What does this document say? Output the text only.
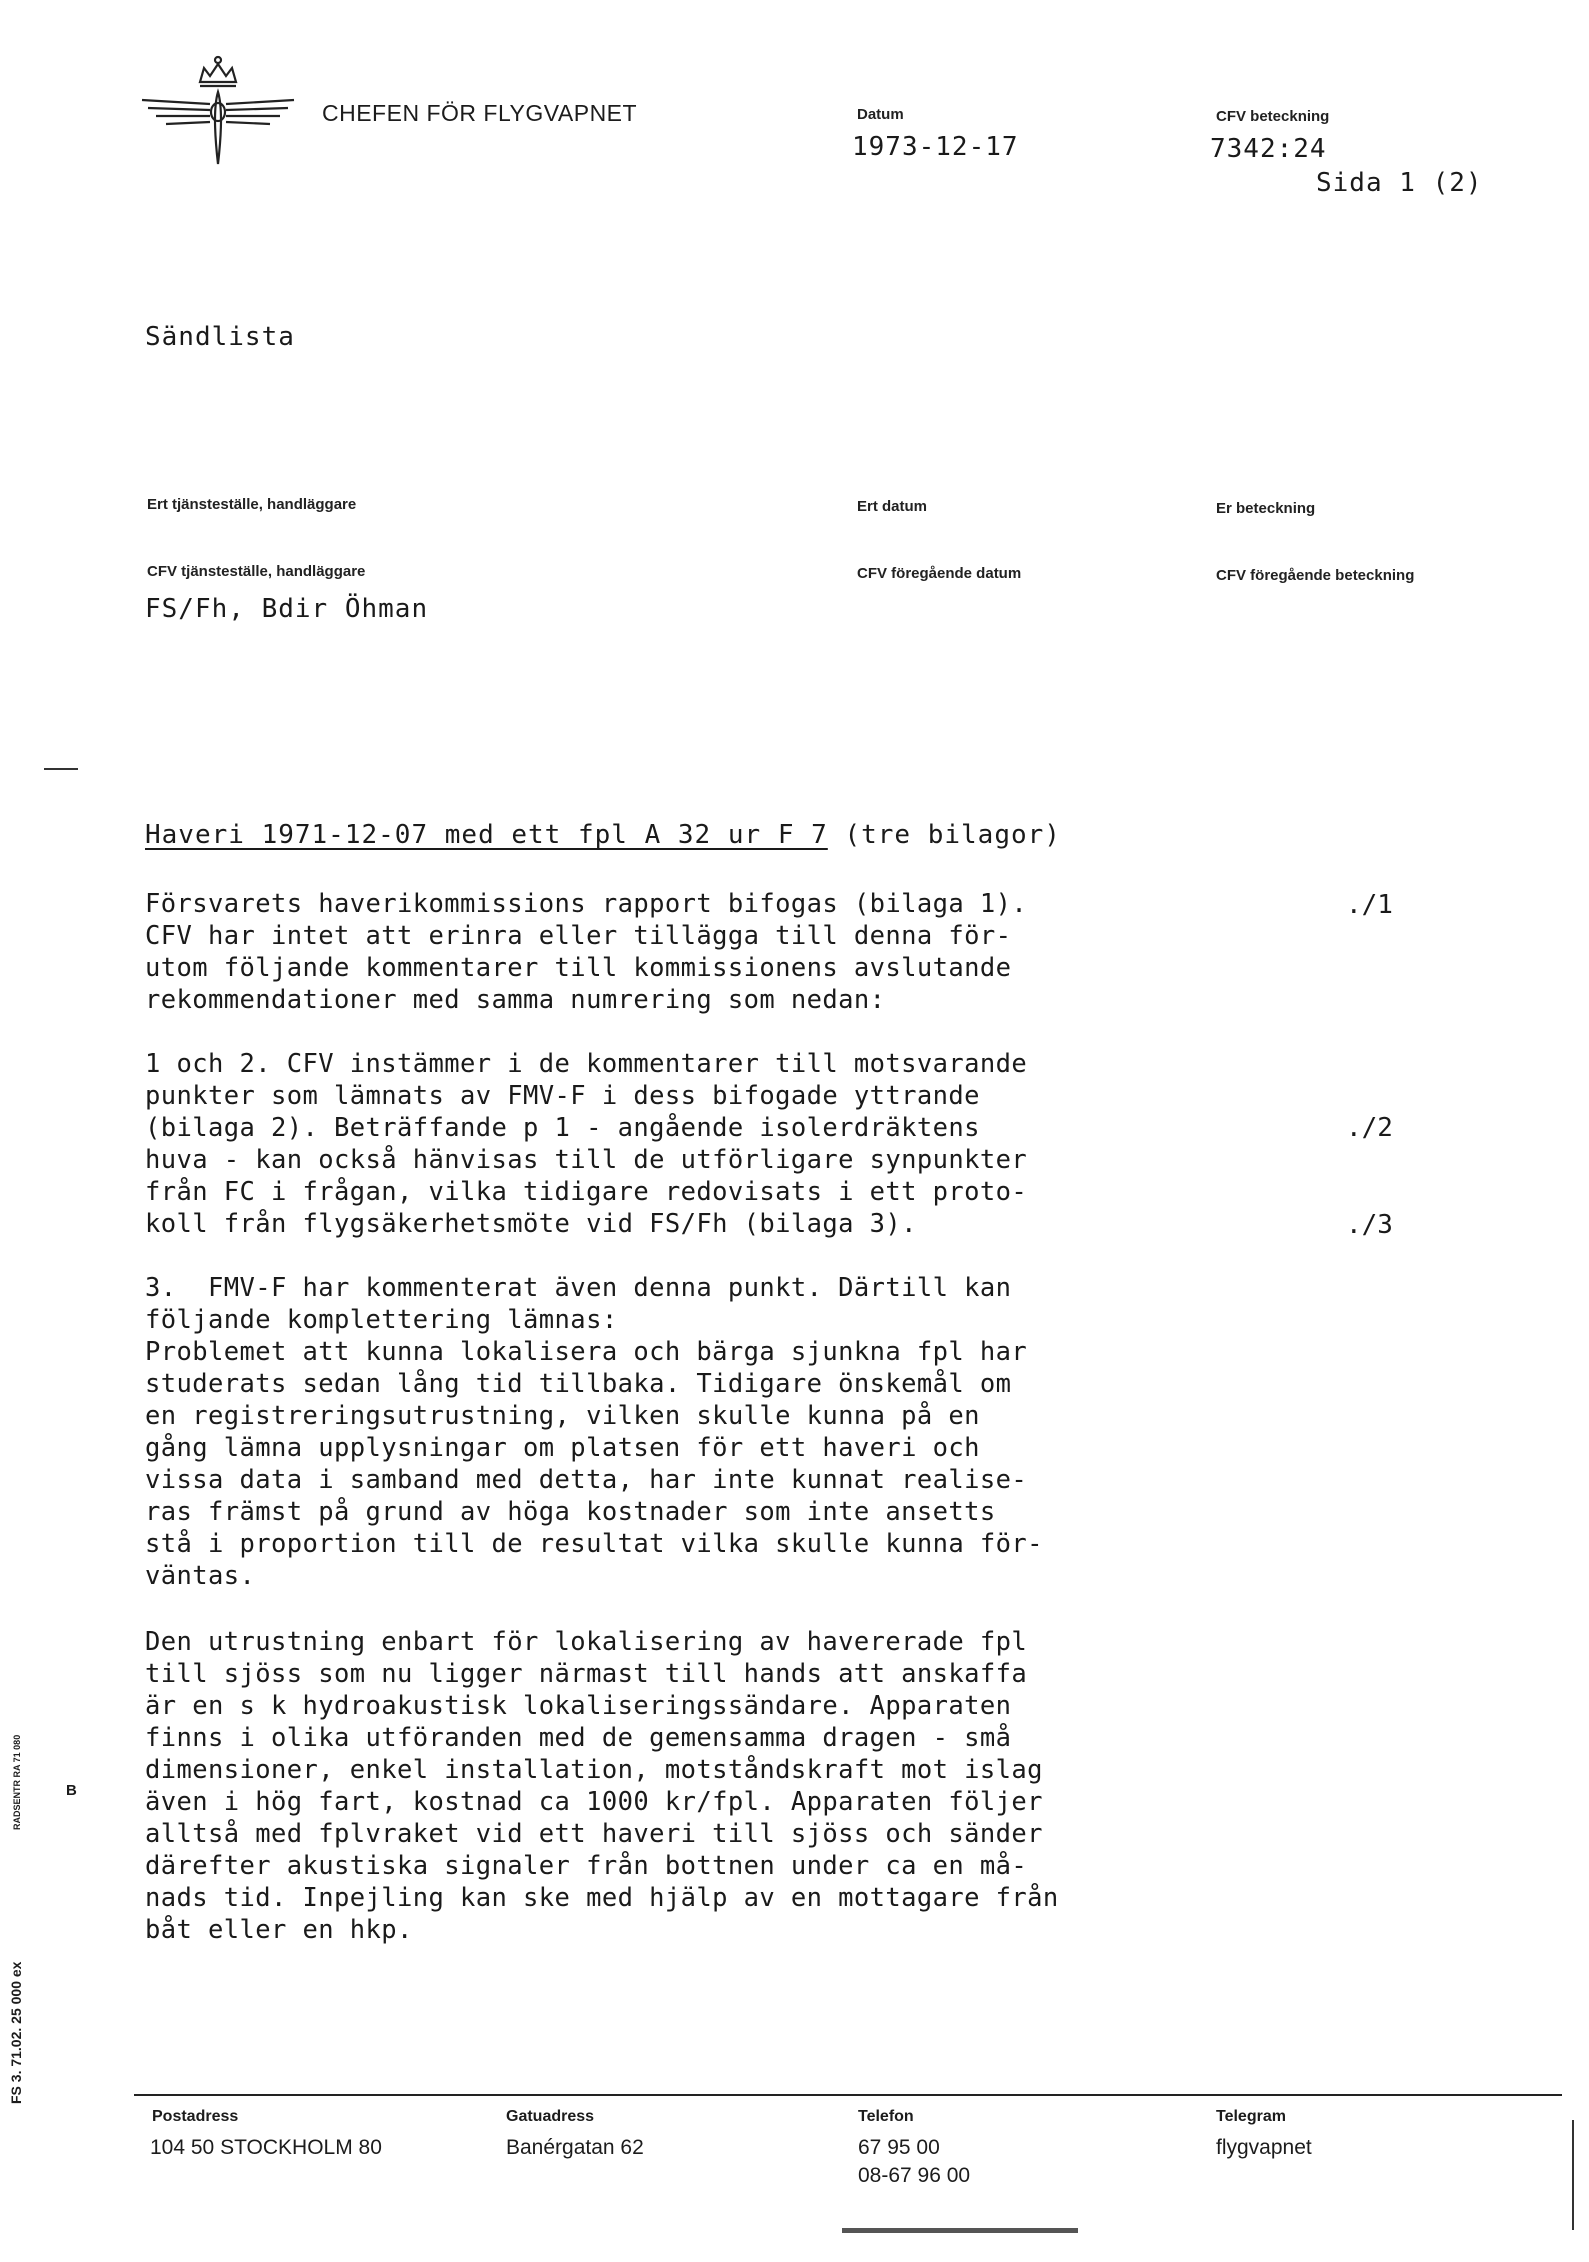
CHEFEN FÖR FLYGVAPNET	Datum
1973-12-17
CFV beteckning
7342:24
Sida 1 (2)
Sändlista
Ert tjänsteställe, handläggare	Ert datum	Er beteckning
CFV tjänsteställe, handläggare	CFV föregående datum	CFV föregående beteckning
FS/Fh, Bdir Öhman
Haveri 1971-12-07 med ett fpl A 32 ur F 7 (tre bilagor)
Försvarets haverikommissions rapport bifogas (bilaga 1).
CFV har intet att erinra eller tillägga till denna för-
utom följande kommentarer till kommissionens avslutande
rekommendationer med samma numrering som nedan:
1 och 2. CFV instämmer i de kommentarer till motsvarande
punkter som lämnats av FMV-F i dess bifogade yttrande
(bilaga 2). Beträffande p 1 - angående isolerdräktens
huva - kan också hänvisas till de utförligare synpunkter
från FC i frågan, vilka tidigare redovisats i ett proto-
koll från flygsäkerhetsmöte vid FS/Fh (bilaga 3).
3.  FMV-F har kommenterat även denna punkt. Därtill kan
följande komplettering lämnas:
Problemet att kunna lokalisera och bärga sjunkna fpl har
studerats sedan lång tid tillbaka. Tidigare önskemål om
en registreringsutrustning, vilken skulle kunna på en
gång lämna upplysningar om platsen för ett haveri och
vissa data i samband med detta, har inte kunnat realise-
ras främst på grund av höga kostnader som inte ansetts
stå i proportion till de resultat vilka skulle kunna för-
väntas.
Den utrustning enbart för lokalisering av havererade fpl
till sjöss som nu ligger närmast till hands att anskaffa
är en s k hydroakustisk lokaliseringssändare. Apparaten
finns i olika utföranden med de gemensamma dragen - små
dimensioner, enkel installation, motståndskraft mot islag
även i hög fart, kostnad ca 1000 kr/fpl. Apparaten följer
alltså med fplvraket vid ett haveri till sjöss och sänder
därefter akustiska signaler från bottnen under ca en må-
nads tid. Inpejling kan ske med hjälp av en mottagare från
båt eller en hkp.
./1
./2
./3
B
RADSENTR RA 71 080
FS 3. 71.02. 25 000 ex
Postadress
104 50 STOCKHOLM 80
Gatuadress
Banérgatan 62
Telefon
67 95 00
08-67 96 00
Telegram
flygvapnet
